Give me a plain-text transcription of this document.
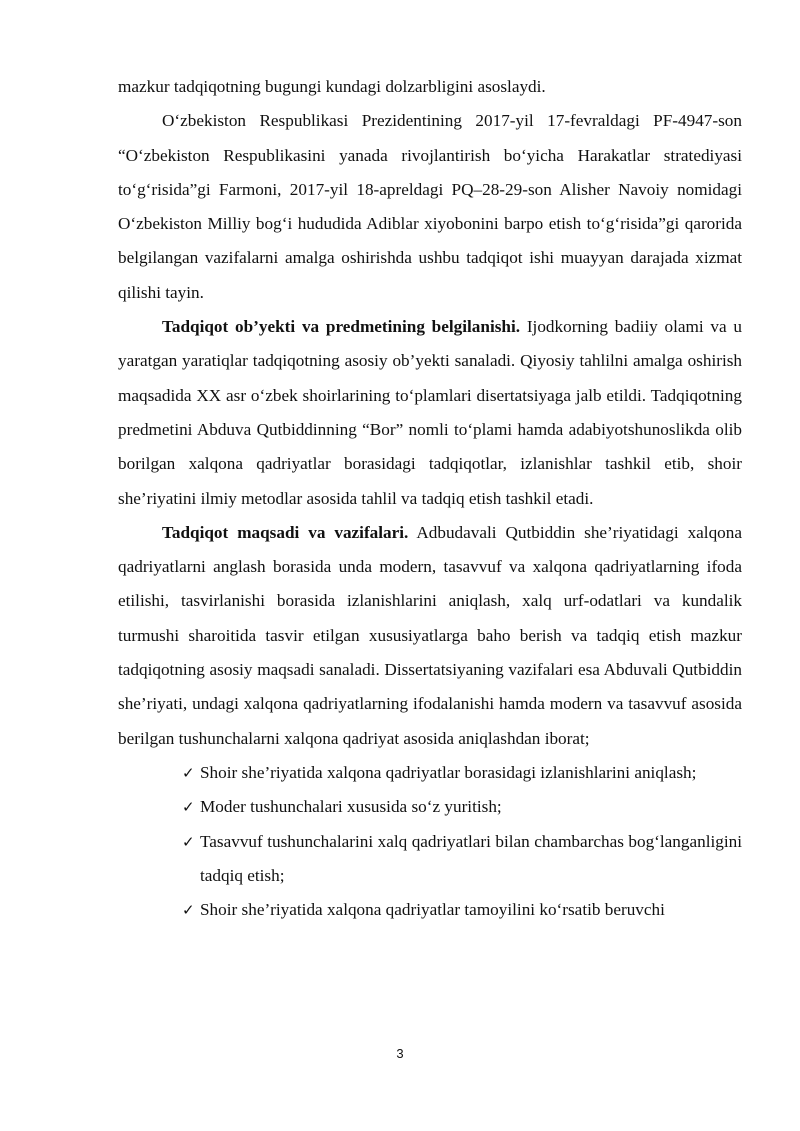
mazkur tadqiqotning bugungi kundagi dolzarbligini asoslaydi.

O‘zbekiston Respublikasi Prezidentining 2017-yil 17-fevraldagi PF-4947-son “O‘zbekiston Respublikasini yanada rivojlantirish bo‘yicha Harakatlar stratediyasi to‘g‘risida”gi Farmoni, 2017-yil 18-apreldagi PQ–28-29-son Alisher Navoiy nomidagi O‘zbekiston Milliy bog‘i hududida Adiblar xiyobonini barpo etish to‘g‘risida”gi qarorida belgilangan vazifalarni amalga oshirishda ushbu tadqiqot ishi muayyan darajada xizmat qilishi tayin.

Tadqiqot ob’yekti va predmetining belgilanishi. Ijodkorning badiiy olami va u yaratgan yaratiqlar tadqiqotning asosiy ob’yekti sanaladi. Qiyosiy tahlilni amalga oshirish maqsadida XX asr o‘zbek shoirlarining to‘plamlari disertatsiyaga jalb etildi. Tadqiqotning predmetini Abduva Qutbiddinning “Bor” nomli to‘plami hamda adabiyotshunoslikda olib borilgan xalqona qadriyatlar borasidagi tadqiqotlar, izlanishlar tashkil etib, shoir she’riyatini ilmiy metodlar asosida tahlil va tadqiq etish tashkil etadi.

Tadqiqot maqsadi va vazifalari. Adbudavali Qutbiddin she’riyatidagi xalqona qadriyatlarni anglash borasida unda modern, tasavvuf va xalqona qadriyatlarning ifoda etilishi, tasvirlanishi borasida izlanishlarini aniqlash, xalq urf-odatlari va kundalik turmushi sharoitida tasvir etilgan xususiyatlarga baho berish va tadqiq etish mazkur tadqiqotning asosiy maqsadi sanaladi. Dissertatsiyaning vazifalari esa Abduvali Qutbiddin she’riyati, undagi xalqona qadriyatlarning ifodalanishi hamda modern va tasavvuf asosida berilgan tushunchalarni xalqona qadriyat asosida aniqlashdan iborat;

✓ Shoir she’riyatida xalqona qadriyatlar borasidagi izlanishlarini aniqlash;
✓ Moder tushunchalari xususida so‘z yuritish;
✓ Tasavvuf tushunchalarini xalq qadriyatlari bilan chambarchas bog‘langanligini tadqiq etish;
✓ Shoir she’riyatida xalqona qadriyatlar tamoyilini ko‘rsatib beruvchi
3
